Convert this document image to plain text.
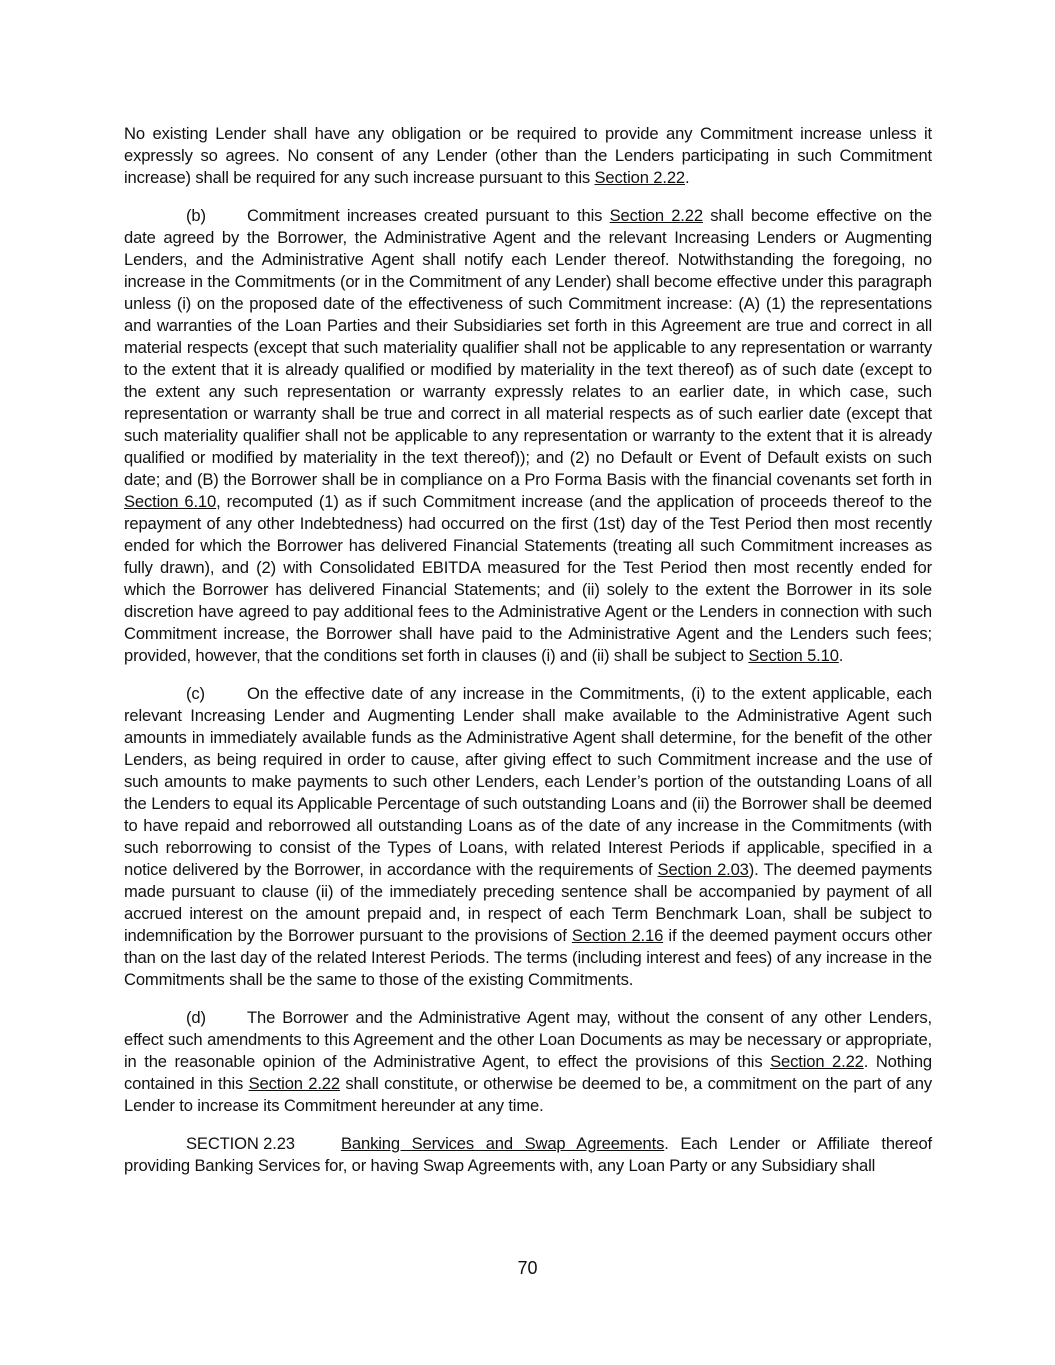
No existing Lender shall have any obligation or be required to provide any Commitment increase unless it expressly so agrees. No consent of any Lender (other than the Lenders participating in such Commitment increase) shall be required for any such increase pursuant to this Section 2.22.

(b) Commitment increases created pursuant to this Section 2.22 shall become effective on the date agreed by the Borrower, the Administrative Agent and the relevant Increasing Lenders or Augmenting Lenders, and the Administrative Agent shall notify each Lender thereof. Notwithstanding the foregoing, no increase in the Commitments (or in the Commitment of any Lender) shall become effective under this paragraph unless (i) on the proposed date of the effectiveness of such Commitment increase: (A) (1) the representations and warranties of the Loan Parties and their Subsidiaries set forth in this Agreement are true and correct in all material respects (except that such materiality qualifier shall not be applicable to any representation or warranty to the extent that it is already qualified or modified by materiality in the text thereof) as of such date (except to the extent any such representation or warranty expressly relates to an earlier date, in which case, such representation or warranty shall be true and correct in all material respects as of such earlier date (except that such materiality qualifier shall not be applicable to any representation or warranty to the extent that it is already qualified or modified by materiality in the text thereof)); and (2) no Default or Event of Default exists on such date; and (B) the Borrower shall be in compliance on a Pro Forma Basis with the financial covenants set forth in Section 6.10, recomputed (1) as if such Commitment increase (and the application of proceeds thereof to the repayment of any other Indebtedness) had occurred on the first (1st) day of the Test Period then most recently ended for which the Borrower has delivered Financial Statements (treating all such Commitment increases as fully drawn), and (2) with Consolidated EBITDA measured for the Test Period then most recently ended for which the Borrower has delivered Financial Statements; and (ii) solely to the extent the Borrower in its sole discretion have agreed to pay additional fees to the Administrative Agent or the Lenders in connection with such Commitment increase, the Borrower shall have paid to the Administrative Agent and the Lenders such fees; provided, however, that the conditions set forth in clauses (i) and (ii) shall be subject to Section 5.10.

(c)	On the effective date of any increase in the Commitments, (i) to the extent applicable, each relevant Increasing Lender and Augmenting Lender shall make available to the Administrative Agent such amounts in immediately available funds as the Administrative Agent shall determine, for the benefit of the other Lenders, as being required in order to cause, after giving effect to such Commitment increase and the use of such amounts to make payments to such other Lenders, each Lender’s portion of the outstanding Loans of all the Lenders to equal its Applicable Percentage of such outstanding Loans and (ii) the Borrower shall be deemed to have repaid and reborrowed all outstanding Loans as of the date of any increase in the Commitments (with such reborrowing to consist of the Types of Loans, with related Interest Periods if applicable, specified in a notice delivered by the Borrower, in accordance with the requirements of Section 2.03). The deemed payments made pursuant to clause (ii) of the immediately preceding sentence shall be accompanied by payment of all accrued interest on the amount prepaid and, in respect of each Term Benchmark Loan, shall be subject to indemnification by the Borrower pursuant to the provisions of Section 2.16 if the deemed payment occurs other than on the last day of the related Interest Periods. The terms (including interest and fees) of any increase in the Commitments shall be the same to those of the existing Commitments.

(d) The Borrower and the Administrative Agent may, without the consent of any other Lenders, effect such amendments to this Agreement and the other Loan Documents as may be necessary or appropriate, in the reasonable opinion of the Administrative Agent, to effect the provisions of this Section 2.22. Nothing contained in this Section 2.22 shall constitute, or otherwise be deemed to be, a commitment on the part of any Lender to increase its Commitment hereunder at any time.

SECTION 2.23	Banking Services and Swap Agreements. Each Lender or Affiliate thereof providing Banking Services for, or having Swap Agreements with, any Loan Party or any Subsidiary shall

70
